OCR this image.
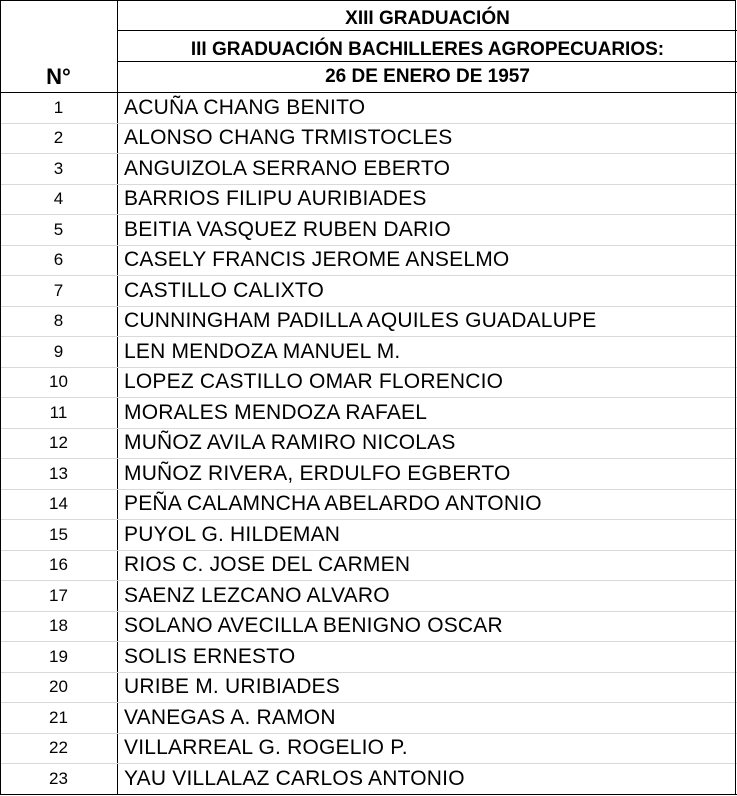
N°	XIII GRADUACIÓN
	III GRADUACIÓN BACHILLERES AGROPECUARIOS:
	26 DE ENERO DE 1957
1	ACUÑA CHANG BENITO
2	ALONSO CHANG TRMISTOCLES
3	ANGUIZOLA SERRANO EBERTO
4	BARRIOS FILIPU AURIBIADES
5	BEITIA VASQUEZ RUBEN DARIO
6	CASELY FRANCIS JEROME ANSELMO
7	CASTILLO CALIXTO
8	CUNNINGHAM PADILLA AQUILES GUADALUPE
9	LEN MENDOZA MANUEL M.
10	LOPEZ CASTILLO OMAR FLORENCIO
11	MORALES MENDOZA RAFAEL
12	MUÑOZ AVILA RAMIRO NICOLAS
13	MUÑOZ RIVERA, ERDULFO EGBERTO
14	PEÑA CALAMNCHA ABELARDO ANTONIO
15	PUYOL G. HILDEMAN
16	RIOS C. JOSE DEL CARMEN
17	SAENZ LEZCANO ALVARO
18	SOLANO AVECILLA BENIGNO OSCAR
19	SOLIS ERNESTO
20	URIBE M. URIBIADES
21	VANEGAS A. RAMON
22	VILLARREAL G. ROGELIO P.
23	YAU VILLALAZ CARLOS ANTONIO
